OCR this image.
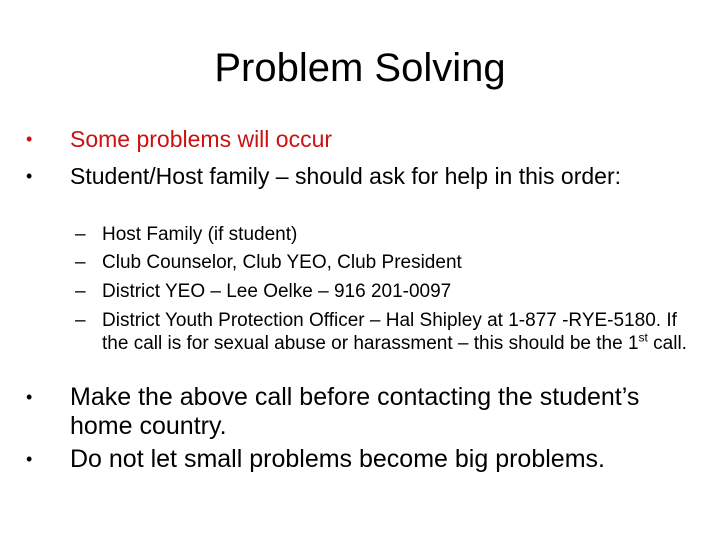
Problem Solving
• Some problems will occur
• Student/Host family – should ask for help in this order:
– Host Family (if student)
– Club Counselor, Club YEO, Club President
– District YEO – Lee Oelke – 916 201-0097
– District Youth Protection Officer – Hal Shipley at 1-877 -RYE-5180. If the call is for sexual abuse or harassment – this should be the 1st call.
• Make the above call before contacting the student’s home country.
• Do not let small problems become big problems.
